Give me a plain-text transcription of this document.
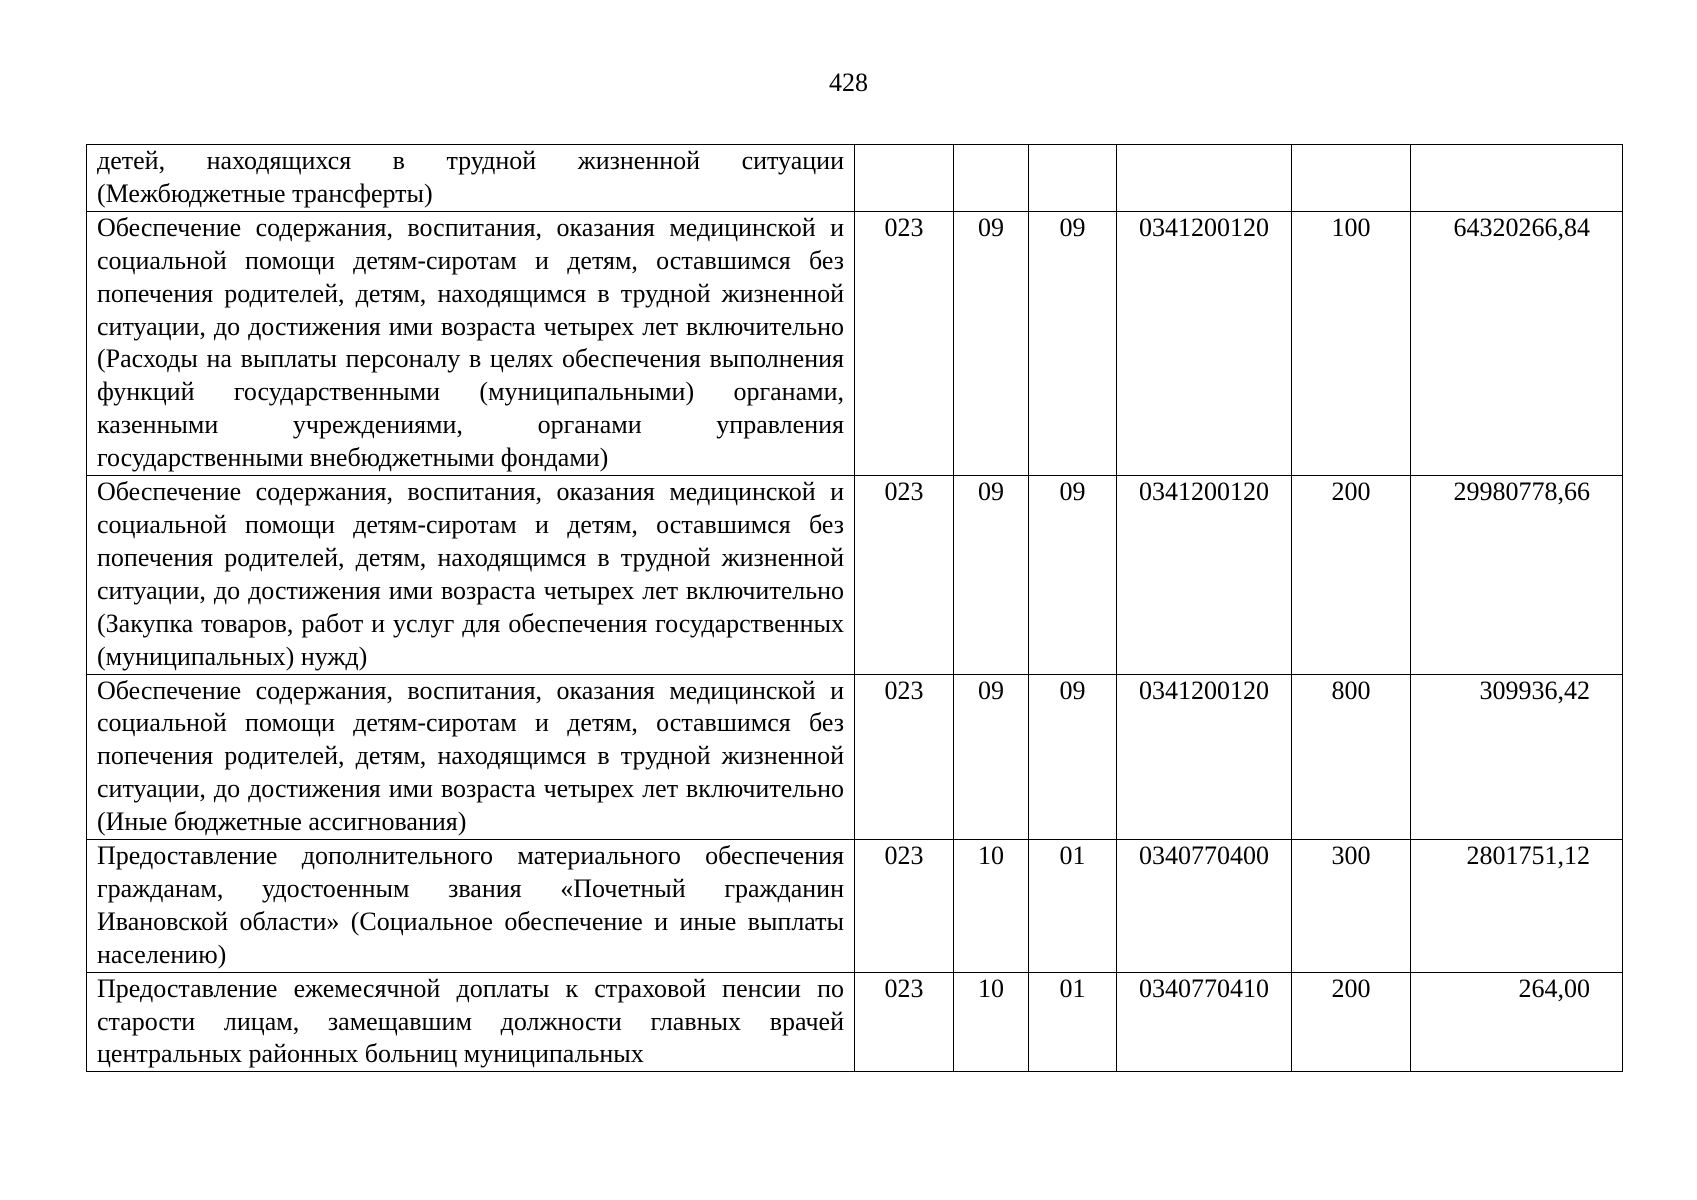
428
детей, находящихся в трудной жизненной ситуации (Межбюджетные трансферты)						
Обеспечение содержания, воспитания, оказания медицинской и социальной помощи детям-сиротам и детям, оставшимся без попечения родителей, детям, находящимся в трудной жизненной ситуации, до достижения ими возраста четырех лет включительно (Расходы на выплаты персоналу в целях обеспечения выполнения функций государственными (муниципальными) органами, казенными учреждениями, органами управления государственными внебюджетными фондами)	023	09	09	0341200120	100	64320266,84
Обеспечение содержания, воспитания, оказания медицинской и социальной помощи детям-сиротам и детям, оставшимся без попечения родителей, детям, находящимся в трудной жизненной ситуации, до достижения ими возраста четырех лет включительно (Закупка товаров, работ и услуг для обеспечения государственных (муниципальных) нужд)	023	09	09	0341200120	200	29980778,66
Обеспечение содержания, воспитания, оказания медицинской и социальной помощи детям-сиротам и детям, оставшимся без попечения родителей, детям, находящимся в трудной жизненной ситуации, до достижения ими возраста четырех лет включительно (Иные бюджетные ассигнования)	023	09	09	0341200120	800	309936,42
Предоставление дополнительного материального обеспечения гражданам, удостоенным звания «Почетный гражданин Ивановской области» (Социальное обеспечение и иные выплаты населению)	023	10	01	0340770400	300	2801751,12
Предоставление ежемесячной доплаты к страховой пенсии по старости лицам, замещавшим должности главных врачей центральных районных больниц муниципальных	023	10	01	0340770410	200	264,00
